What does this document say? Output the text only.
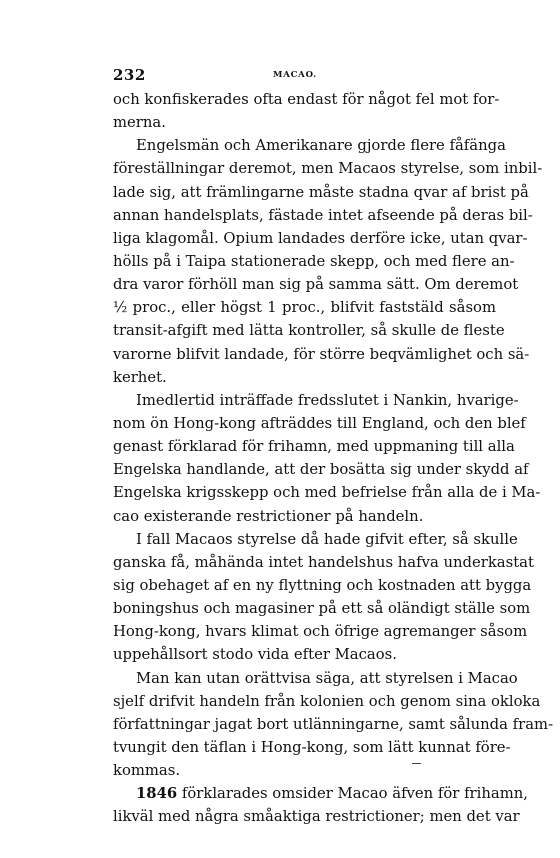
232	MACAO.
och konfiskerades ofta endast för något fel mot for-
merna.
Engelsmän och Amerikanare gjorde flere fåfänga
föreställningar deremot, men Macaos styrelse, som inbil-
lade sig, att främlingarne måste stadna qvar af brist på
annan handelsplats, fästade intet afseende på deras bil-
liga klagomål. Opium landades derföre icke, utan qvar-
hölls på i Taipa stationerade skepp, och med flere an-
dra varor förhöll man sig på samma sätt. Om deremot
½ proc., eller högst 1 proc., blifvit faststäld såsom
transit-afgift med lätta kontroller, så skulle de fleste
varorne blifvit landade, för större beqvämlighet och sä-
kerhet.
Imedlertid inträffade fredsslutet i Nankin, hvarige-
nom ön Hong-kong afträddes till England, och den blef
genast förklarad för frihamn, med uppmaning till alla
Engelska handlande, att der bosätta sig under skydd af
Engelska krigsskepp och med befrielse från alla de i Ma-
cao existerande restrictioner på handeln.
I fall Macaos styrelse då hade gifvit efter, så skulle
ganska få, måhända intet handelshus hafva underkastat
sig obehaget af en ny flyttning och kostnaden att bygga
boningshus och magasiner på ett så oländigt ställe som
Hong-kong, hvars klimat och öfrige agremanger såsom
uppehållsort stodo vida efter Macaos.
Man kan utan orättvisa säga, att styrelsen i Macao
sjelf drifvit handeln från kolonien och genom sina okloka
författningar jagat bort utlänningarne, samt sålunda fram-
tvungit den täflan i Hong-kong, som lätt kunnat före-
kommas.
1846 förklarades omsider Macao äfven för frihamn,
likväl med några småaktiga restrictioner; men det var
